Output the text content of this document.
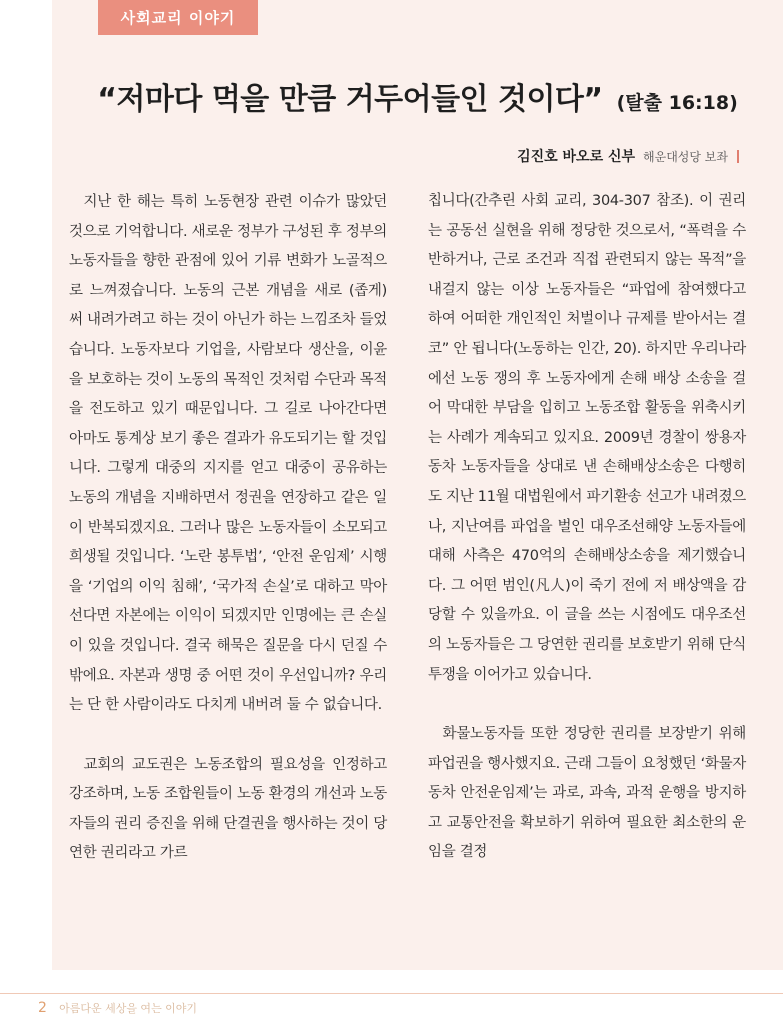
사회교리 이야기
“저마다 먹을 만큼 거두어들인 것이다” (탈출 16:18)
김진호 바오로 신부 해운대성당 보좌

지난 한 해는 특히 노동현장 관련 이슈가 많았던 것으로 기억합니다. 새로운 정부가 구성된 후 정부의 노동자들을 향한 관점에 있어 기류 변화가 노골적으로 느껴졌습니다. 노동의 근본 개념을 새로 (좁게) 써 내려가려고 하는 것이 아닌가 하는 느낌조차 들었습니다. 노동자보다 기업을, 사람보다 생산을, 이윤을 보호하는 것이 노동의 목적인 것처럼 수단과 목적을 전도하고 있기 때문입니다. 그 길로 나아간다면 아마도 통계상 보기 좋은 결과가 유도되기는 할 것입니다. 그렇게 대중의 지지를 얻고 대중이 공유하는 노동의 개념을 지배하면서 정권을 연장하고 같은 일이 반복되겠지요. 그러나 많은 노동자들이 소모되고 희생될 것입니다. ‘노란 봉투법’, ‘안전 운임제’ 시행을 ‘기업의 이익 침해’, ‘국가적 손실’로 대하고 막아선다면 자본에는 이익이 되겠지만 인명에는 큰 손실이 있을 것입니다. 결국 해묵은 질문을 다시 던질 수밖에요. 자본과 생명 중 어떤 것이 우선입니까? 우리는 단 한 사람이라도 다치게 내버려 둘 수 없습니다.

교회의 교도권은 노동조합의 필요성을 인정하고 강조하며, 노동 조합원들이 노동 환경의 개선과 노동자들의 권리 증진을 위해 단결권을 행사하는 것이 당연한 권리라고 가르

칩니다(간추린 사회 교리, 304-307 참조). 이 권리는 공동선 실현을 위해 정당한 것으로서, “폭력을 수반하거나, 근로 조건과 직접 관련되지 않는 목적”을 내걸지 않는 이상 노동자들은 “파업에 참여했다고 하여 어떠한 개인적인 처벌이나 규제를 받아서는 결코” 안 됩니다(노동하는 인간, 20). 하지만 우리나라에선 노동 쟁의 후 노동자에게 손해 배상 소송을 걸어 막대한 부담을 입히고 노동조합 활동을 위축시키는 사례가 계속되고 있지요. 2009년 경찰이 쌍용자동차 노동자들을 상대로 낸 손해배상소송은 다행히도 지난 11월 대법원에서 파기환송 선고가 내려졌으나, 지난여름 파업을 벌인 대우조선해양 노동자들에 대해 사측은 470억의 손해배상소송을 제기했습니다. 그 어떤 범인(凡人)이 죽기 전에 저 배상액을 감당할 수 있을까요. 이 글을 쓰는 시점에도 대우조선의 노동자들은 그 당연한 권리를 보호받기 위해 단식 투쟁을 이어가고 있습니다.

화물노동자들 또한 정당한 권리를 보장받기 위해 파업권을 행사했지요. 근래 그들이 요청했던 ‘화물자동차 안전운임제’는 과로, 과속, 과적 운행을 방지하고 교통안전을 확보하기 위하여 필요한 최소한의 운임을 결정

2 아름다운 세상을 여는 이야기
